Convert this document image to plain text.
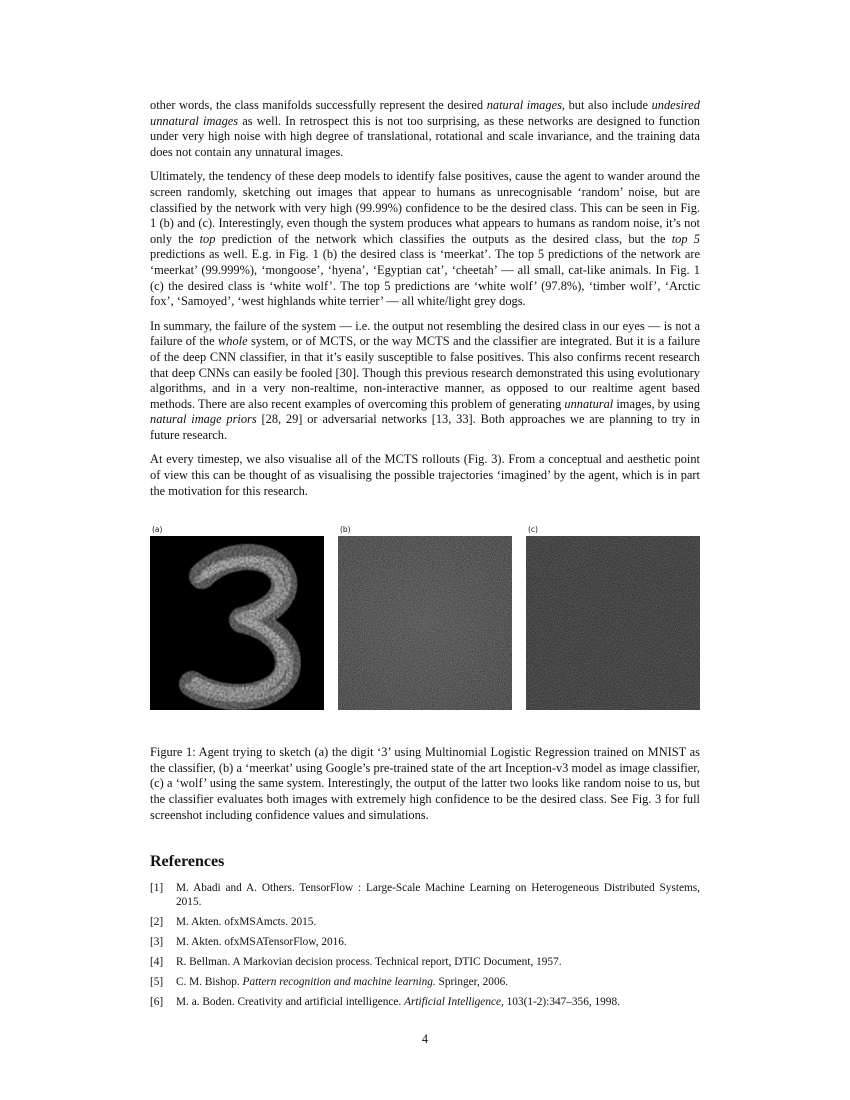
other words, the class manifolds successfully represent the desired natural images, but also include undesired unnatural images as well. In retrospect this is not too surprising, as these networks are designed to function under very high noise with high degree of translational, rotational and scale invariance, and the training data does not contain any unnatural images.

Ultimately, the tendency of these deep models to identify false positives, cause the agent to wander around the screen randomly, sketching out images that appear to humans as unrecognisable ‘random’ noise, but are classified by the network with very high (99.99%) confidence to be the desired class. This can be seen in Fig. 1 (b) and (c). Interestingly, even though the system produces what appears to humans as random noise, it’s not only the top prediction of the network which classifies the outputs as the desired class, but the top 5 predictions as well. E.g. in Fig. 1 (b) the desired class is ‘meerkat’. The top 5 predictions of the network are ‘meerkat’ (99.999%), ‘mongoose’, ‘hyena’, ‘Egyptian cat’, ‘cheetah’ — all small, cat-like animals. In Fig. 1 (c) the desired class is ‘white wolf’. The top 5 predictions are ‘white wolf’ (97.8%), ‘timber wolf’, ‘Arctic fox’, ‘Samoyed’, ‘west highlands white terrier’ — all white/light grey dogs.

In summary, the failure of the system — i.e. the output not resembling the desired class in our eyes — is not a failure of the whole system, or of MCTS, or the way MCTS and the classifier are integrated. But it is a failure of the deep CNN classifier, in that it’s easily susceptible to false positives. This also confirms recent research that deep CNNs can easily be fooled [30]. Though this previous research demonstrated this using evolutionary algorithms, and in a very non-realtime, non-interactive manner, as opposed to our realtime agent based methods. There are also recent examples of overcoming this problem of generating unnatural images, by using natural image priors [28, 29] or adversarial networks [13, 33]. Both approaches we are planning to try in future research.

At every timestep, we also visualise all of the MCTS rollouts (Fig. 3). From a conceptual and aesthetic point of view this can be thought of as visualising the possible trajectories ‘imagined’ by the agent, which is in part the motivation for this research.

(a)	(b)	(c)
Figure 1: Agent trying to sketch (a) the digit ‘3’ using Multinomial Logistic Regression trained on MNIST as the classifier, (b) a ‘meerkat’ using Google’s pre-trained state of the art Inception-v3 model as image classifier, (c) a ‘wolf’ using the same system. Interestingly, the output of the latter two looks like random noise to us, but the classifier evaluates both images with extremely high confidence to be the desired class. See Fig. 3 for full screenshot including confidence values and simulations.
References
[1] M. Abadi and A. Others. TensorFlow : Large-Scale Machine Learning on Heterogeneous Distributed Systems, 2015.
[2] M. Akten. ofxMSAmcts. 2015.
[3] M. Akten. ofxMSATensorFlow, 2016.
[4] R. Bellman. A Markovian decision process. Technical report, DTIC Document, 1957.
[5] C. M. Bishop. Pattern recognition and machine learning. Springer, 2006.
[6] M. a. Boden. Creativity and artificial intelligence. Artificial Intelligence, 103(1-2):347–356, 1998.
4
